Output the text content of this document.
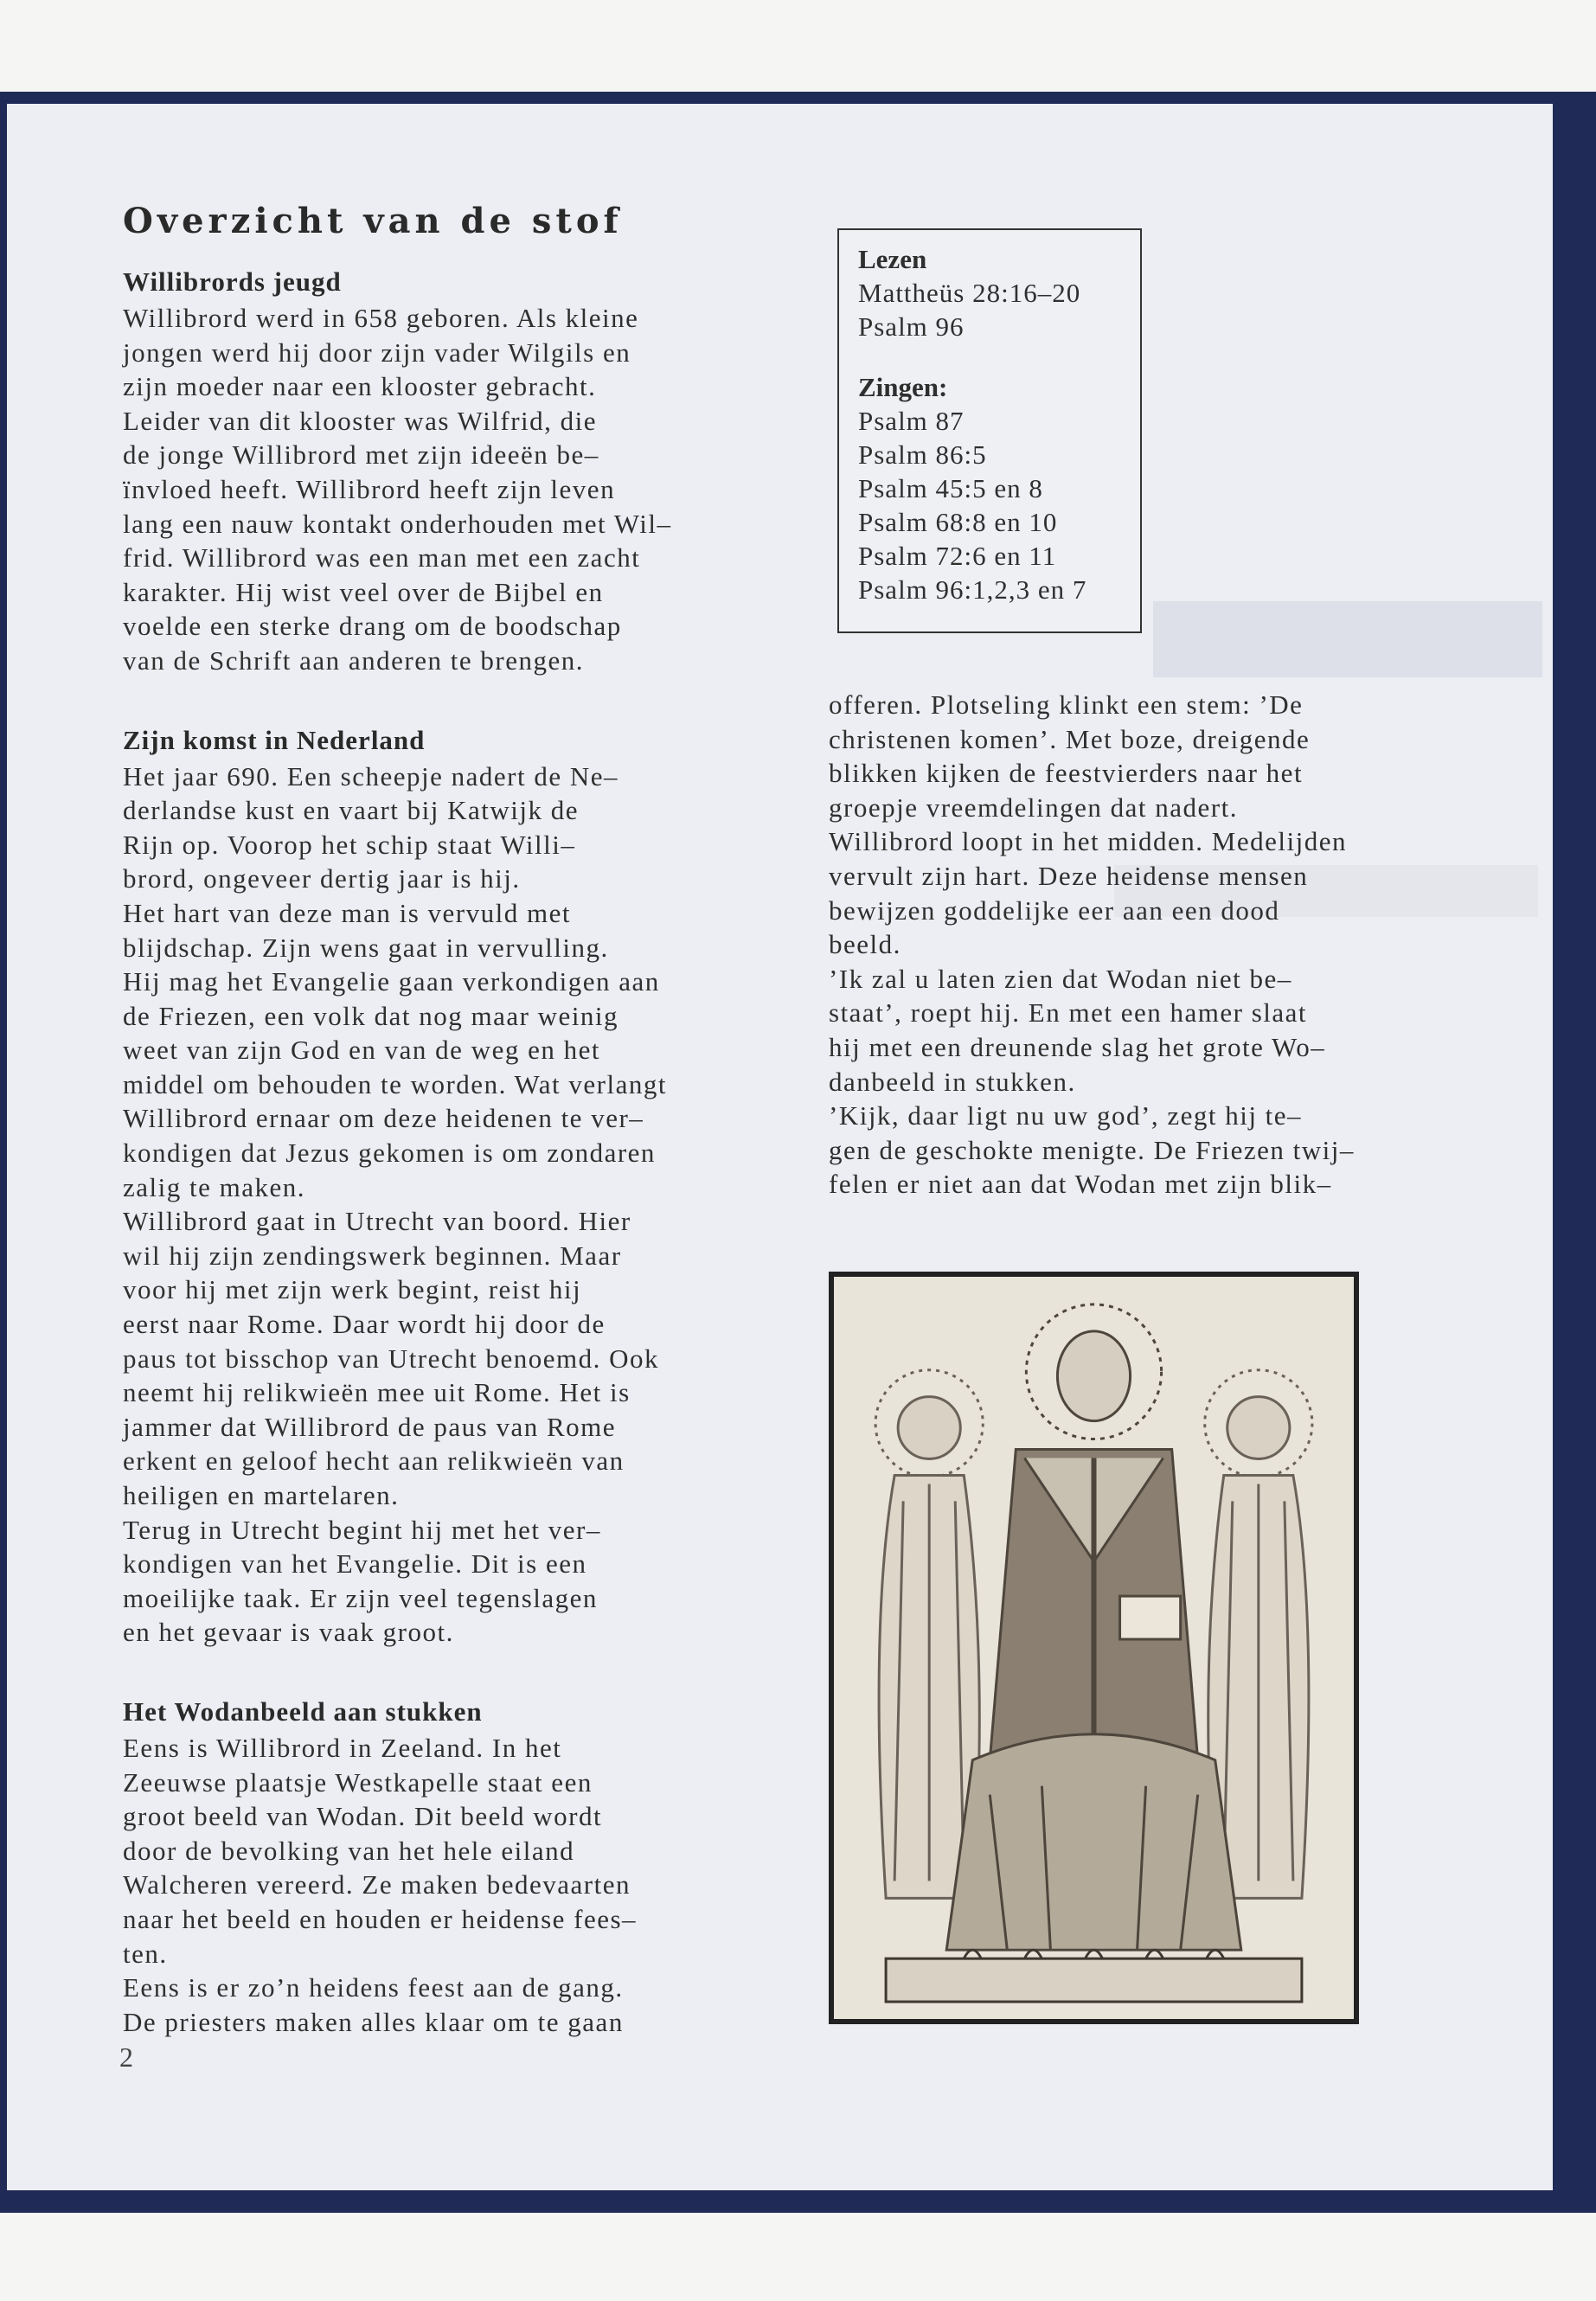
Overzicht van de stof
Willibrords jeugd

Willibrord werd in 658 geboren. Als kleine
jongen werd hij door zijn vader Wilgils en
zijn moeder naar een klooster gebracht.
Leider van dit klooster was Wilfrid, die
de jonge Willibrord met zijn ideeën be–
ïnvloed heeft. Willibrord heeft zijn leven
lang een nauw kontakt onderhouden met Wil–
frid. Willibrord was een man met een zacht
karakter. Hij wist veel over de Bijbel en
voelde een sterke drang om de boodschap
van de Schrift aan anderen te brengen.

Zijn komst in Nederland

Het jaar 690. Een scheepje nadert de Ne–
derlandse kust en vaart bij Katwijk de
Rijn op. Voorop het schip staat Willi–
brord, ongeveer dertig jaar is hij.
Het hart van deze man is vervuld met
blijdschap. Zijn wens gaat in vervulling.
Hij mag het Evangelie gaan verkondigen aan
de Friezen, een volk dat nog maar weinig
weet van zijn God en van de weg en het
middel om behouden te worden. Wat verlangt
Willibrord ernaar om deze heidenen te ver–
kondigen dat Jezus gekomen is om zondaren
zalig te maken.
Willibrord gaat in Utrecht van boord. Hier
wil hij zijn zendingswerk beginnen. Maar
voor hij met zijn werk begint, reist hij
eerst naar Rome. Daar wordt hij door de
paus tot bisschop van Utrecht benoemd. Ook
neemt hij relikwieën mee uit Rome. Het is
jammer dat Willibrord de paus van Rome
erkent en geloof hecht aan relikwieën van
heiligen en martelaren.
Terug in Utrecht begint hij met het ver–
kondigen van het Evangelie. Dit is een
moeilijke taak. Er zijn veel tegenslagen
en het gevaar is vaak groot.

Het Wodanbeeld aan stukken

Eens is Willibrord in Zeeland. In het
Zeeuwse plaatsje Westkapelle staat een
groot beeld van Wodan. Dit beeld wordt
door de bevolking van het hele eiland
Walcheren vereerd. Ze maken bedevaarten
naar het beeld en houden er heidense fees–
ten.
Eens is er zo’n heidens feest aan de gang.
De priesters maken alles klaar om te gaan

Lezen

Mattheüs 28:16–20

Psalm 96

Zingen:

Psalm 87

Psalm 86:5

Psalm 45:5 en 8

Psalm 68:8 en 10

Psalm 72:6 en 11

Psalm 96:1,2,3 en 7

offeren. Plotseling klinkt een stem: ’De
christenen komen’. Met boze, dreigende
blikken kijken de feestvierders naar het
groepje vreemdelingen dat nadert.
Willibrord loopt in het midden. Medelijden
vervult zijn hart. Deze heidense mensen
bewijzen goddelijke eer aan een dood
beeld.
’Ik zal u laten zien dat Wodan niet be–
staat’, roept hij. En met een hamer slaat
hij met een dreunende slag het grote Wo–
danbeeld in stukken.
’Kijk, daar ligt nu uw god’, zegt hij te–
gen de geschokte menigte. De Friezen twij–
felen er niet aan dat Wodan met zijn blik–

2
